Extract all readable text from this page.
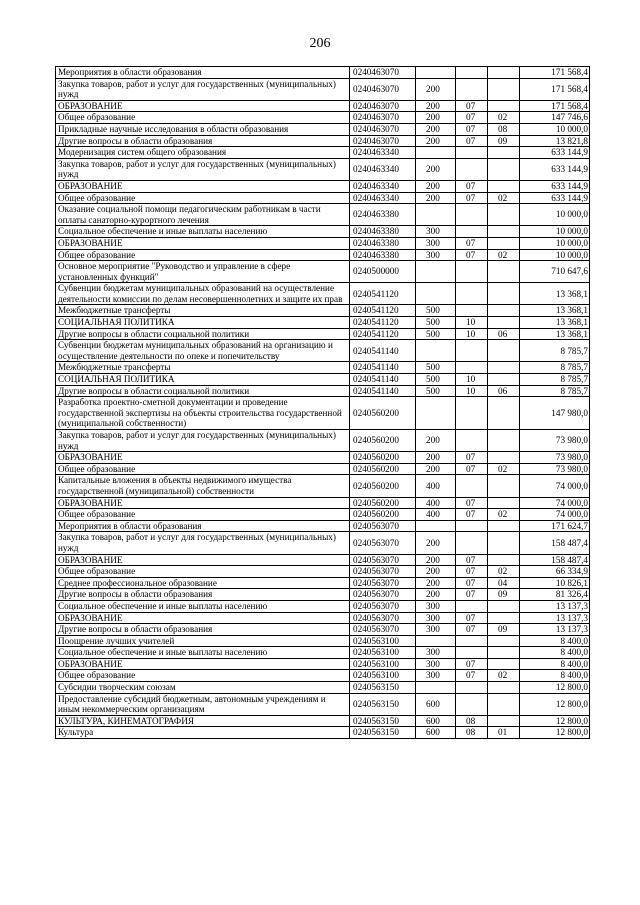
206
Мероприятия в области образования	0240463070				171 568,4
Закупка товаров, работ и услуг для государственных (муниципальных) нужд	0240463070	200			171 568,4
ОБРАЗОВАНИЕ	0240463070	200	07		171 568,4
Общее образование	0240463070	200	07	02	147 746,6
Прикладные научные исследования в области образования	0240463070	200	07	08	10 000,0
Другие вопросы в области образования	0240463070	200	07	09	13 821,8
Модернизация систем общего образования	0240463340				633 144,9
Закупка товаров, работ и услуг для государственных (муниципальных) нужд	0240463340	200			633 144,9
ОБРАЗОВАНИЕ	0240463340	200	07		633 144,9
Общее образование	0240463340	200	07	02	633 144,9
Оказание социальной помощи педагогическим работникам в части оплаты санаторно-курортного лечения	0240463380				10 000,0
Социальное обеспечение и иные выплаты населению	0240463380	300			10 000,0
ОБРАЗОВАНИЕ	0240463380	300	07		10 000,0
Общее образование	0240463380	300	07	02	10 000,0
Основное мероприятие "Руководство и управление в сфере установленных функций"	0240500000				710 647,6
Субвенции бюджетам муниципальных образований на осуществление деятельности комиссии по делам несовершеннолетних и защите их прав	0240541120				13 368,1
Межбюджетные трансферты	0240541120	500			13 368,1
СОЦИАЛЬНАЯ ПОЛИТИКА	0240541120	500	10		13 368,1
Другие вопросы в области социальной политики	0240541120	500	10	06	13 368,1
Субвенции бюджетам муниципальных образований на организацию и осуществление деятельности по опеке и попечительству	0240541140				8 785,7
Межбюджетные трансферты	0240541140	500			8 785,7
СОЦИАЛЬНАЯ ПОЛИТИКА	0240541140	500	10		8 785,7
Другие вопросы в области социальной политики	0240541140	500	10	06	8 785,7
Разработка проектно-сметной документации и проведение государственной экспертизы на объекты строительства государственной (муниципальной собственности)	0240560200				147 980,0
Закупка товаров, работ и услуг для государственных (муниципальных) нужд	0240560200	200			73 980,0
ОБРАЗОВАНИЕ	0240560200	200	07		73 980,0
Общее образование	0240560200	200	07	02	73 980,0
Капитальные вложения в объекты недвижимого имущества государственной (муниципальной) собственности	0240560200	400			74 000,0
ОБРАЗОВАНИЕ	0240560200	400	07		74 000,0
Общее образование	0240560200	400	07	02	74 000,0
Мероприятия в области образования	0240563070				171 624,7
Закупка товаров, работ и услуг для государственных (муниципальных) нужд	0240563070	200			158 487,4
ОБРАЗОВАНИЕ	0240563070	200	07		158 487,4
Общее образование	0240563070	200	07	02	66 334,9
Среднее профессиональное образование	0240563070	200	07	04	10 826,1
Другие вопросы в области образования	0240563070	200	07	09	81 326,4
Социальное обеспечение и иные выплаты населению	0240563070	300			13 137,3
ОБРАЗОВАНИЕ	0240563070	300	07		13 137,3
Другие вопросы в области образования	0240563070	300	07	09	13 137,3
Поощрение лучших учителей	0240563100				8 400,0
Социальное обеспечение и иные выплаты населению	0240563100	300			8 400,0
ОБРАЗОВАНИЕ	0240563100	300	07		8 400,0
Общее образование	0240563100	300	07	02	8 400,0
Субсидии творческим союзам	0240563150				12 800,0
Предоставление субсидий бюджетным, автономным учреждениям и иным некоммерческим организациям	0240563150	600			12 800,0
КУЛЬТУРА, КИНЕМАТОГРАФИЯ	0240563150	600	08		12 800,0
Культура	0240563150	600	08	01	12 800,0
